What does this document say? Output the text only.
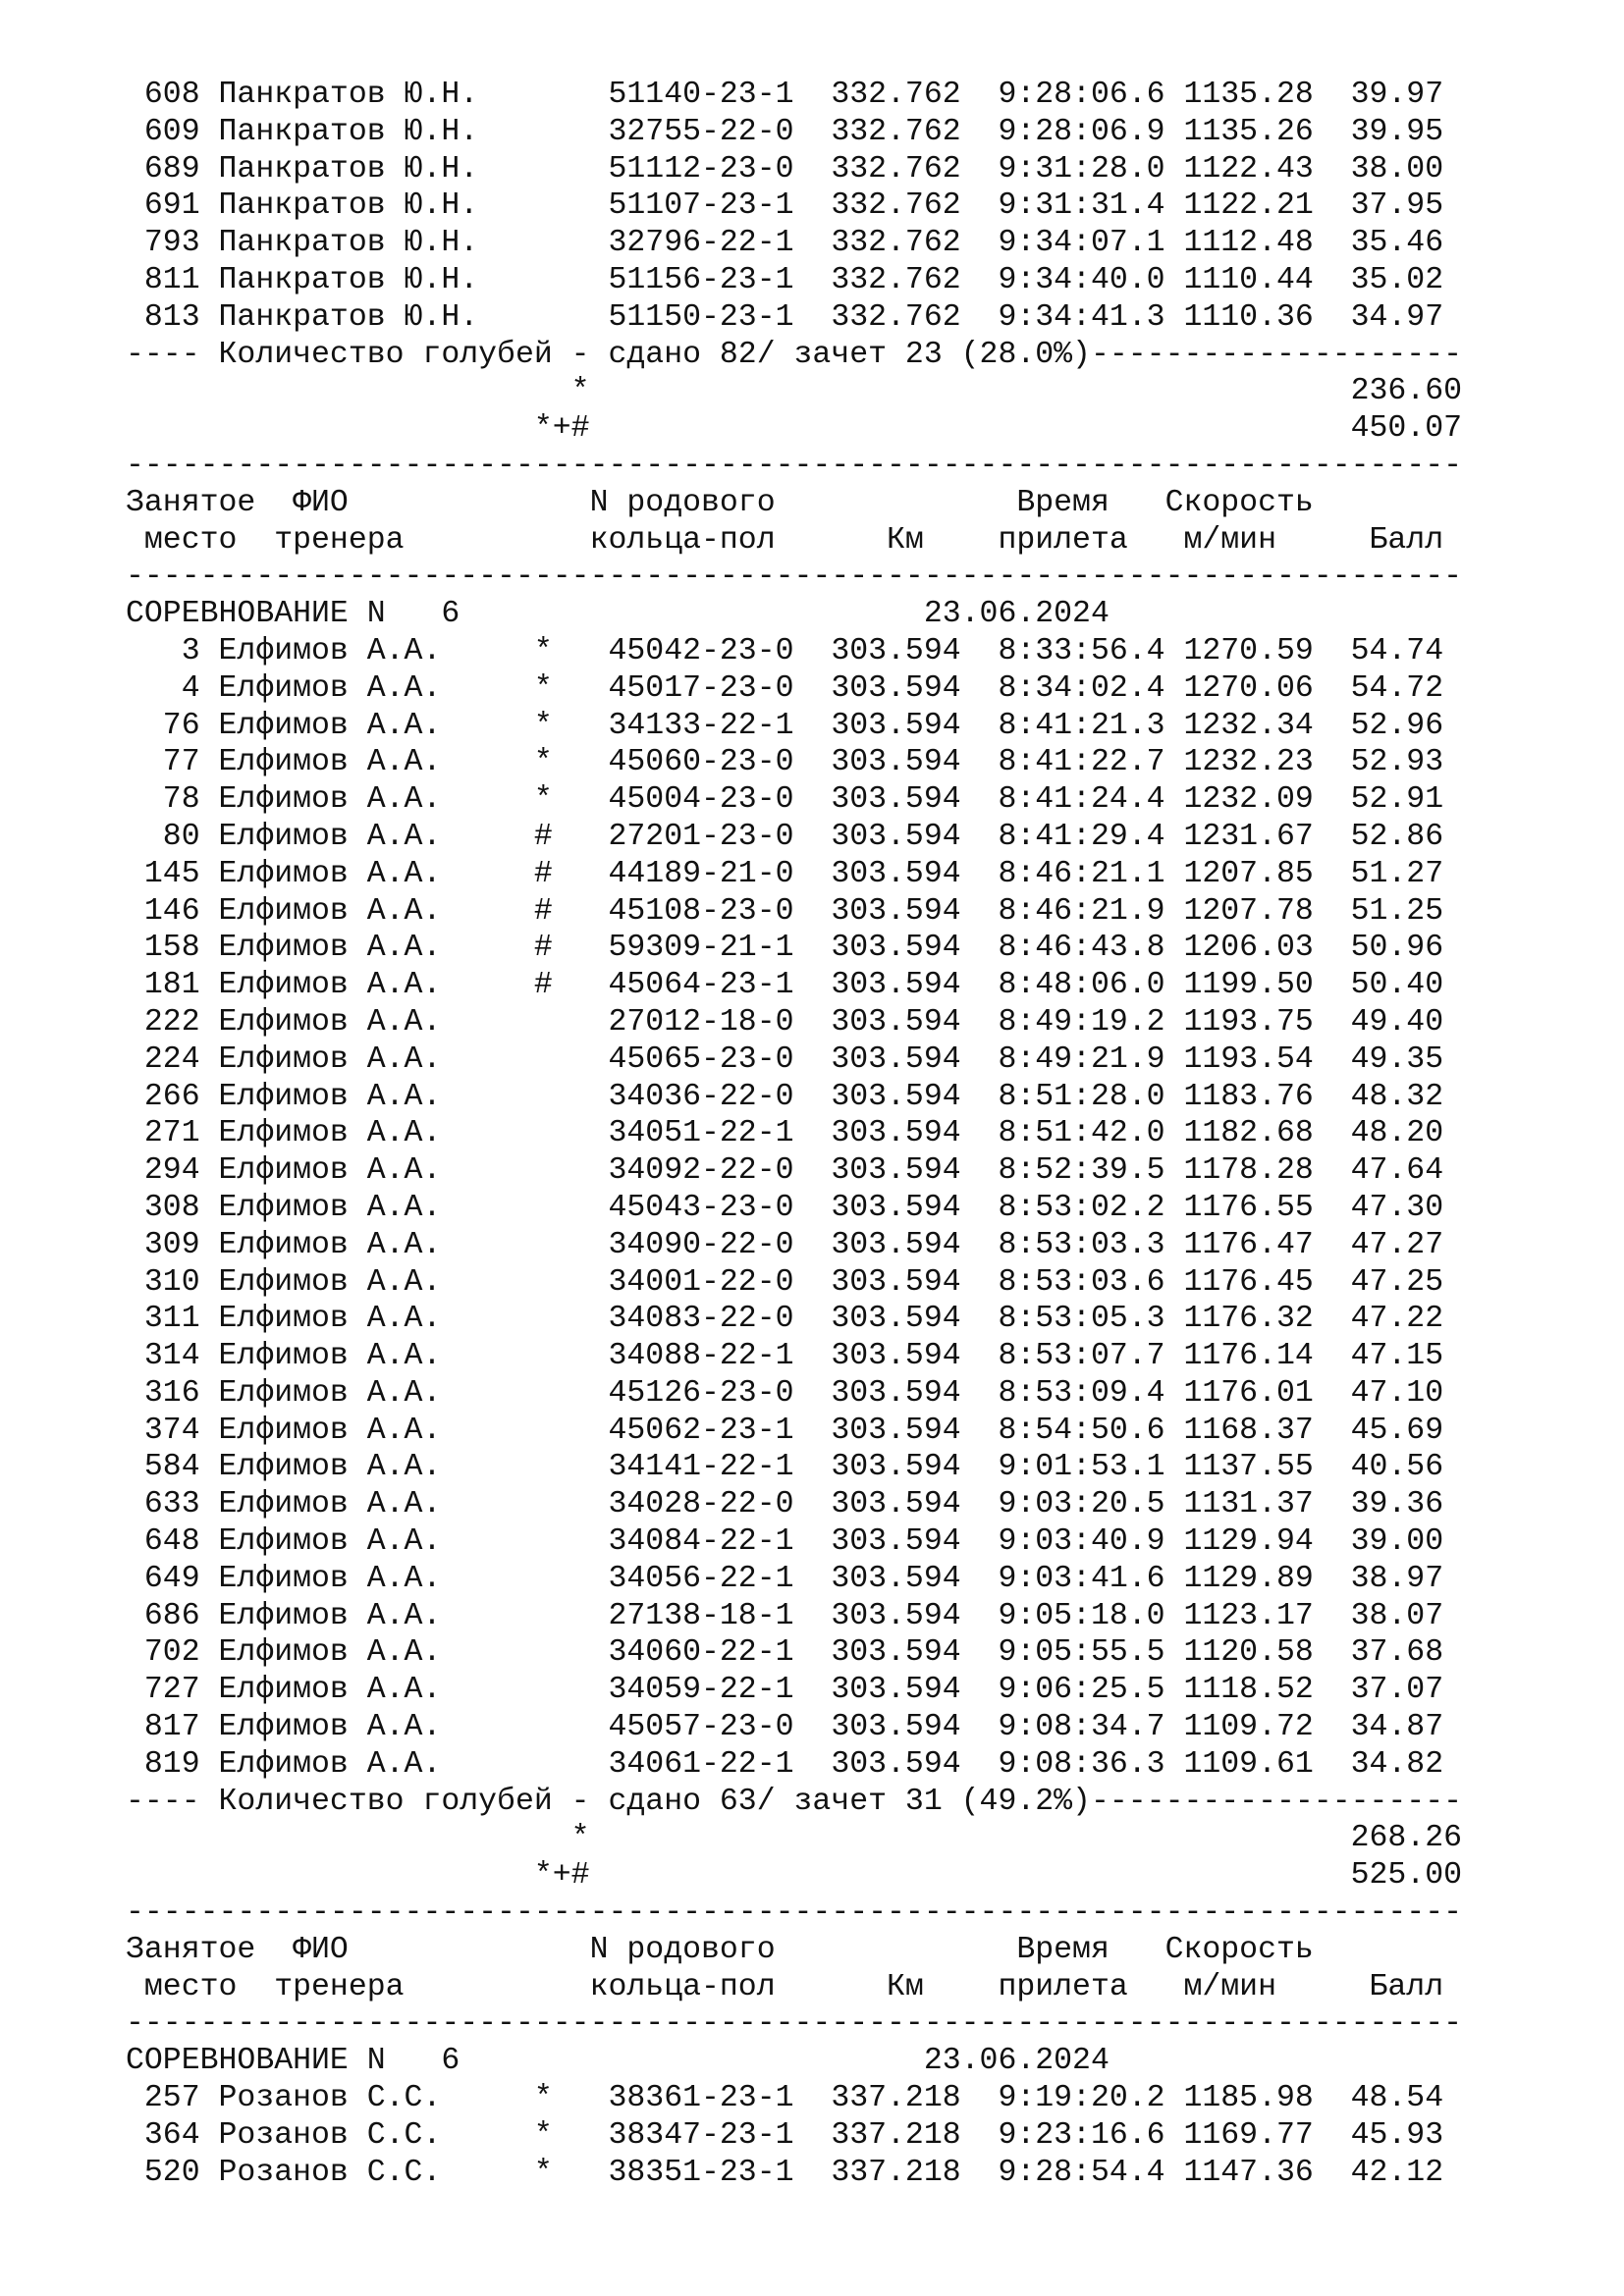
608 Панкратов Ю.Н.       51140-23-1  332.762  9:28:06.6 1135.28  39.97
609 Панкратов Ю.Н.       32755-22-0  332.762  9:28:06.9 1135.26  39.95
689 Панкратов Ю.Н.       51112-23-0  332.762  9:31:28.0 1122.43  38.00
691 Панкратов Ю.Н.       51107-23-1  332.762  9:31:31.4 1122.21  37.95
793 Панкратов Ю.Н.       32796-22-1  332.762  9:34:07.1 1112.48  35.46
811 Панкратов Ю.Н.       51156-23-1  332.762  9:34:40.0 1110.44  35.02
813 Панкратов Ю.Н.       51150-23-1  332.762  9:34:41.3 1110.36  34.97
---- Количество голубей - сдано 82/ зачет 23 (28.0%)--------------------
*                                         236.60
*+#                                         450.07
------------------------------------------------------------------------
Занятое  ФИО             N родового             Время   Скорость
место  тренера          кольца-пол      Км    прилета   м/мин     Балл
------------------------------------------------------------------------
СОРЕВНОВАНИЕ N   6                         23.06.2024
3 Елфимов А.А.     *   45042-23-0  303.594  8:33:56.4 1270.59  54.74
4 Елфимов А.А.     *   45017-23-0  303.594  8:34:02.4 1270.06  54.72
76 Елфимов А.А.     *   34133-22-1  303.594  8:41:21.3 1232.34  52.96
77 Елфимов А.А.     *   45060-23-0  303.594  8:41:22.7 1232.23  52.93
78 Елфимов А.А.     *   45004-23-0  303.594  8:41:24.4 1232.09  52.91
80 Елфимов А.А.     #   27201-23-0  303.594  8:41:29.4 1231.67  52.86
145 Елфимов А.А.     #   44189-21-0  303.594  8:46:21.1 1207.85  51.27
146 Елфимов А.А.     #   45108-23-0  303.594  8:46:21.9 1207.78  51.25
158 Елфимов А.А.     #   59309-21-1  303.594  8:46:43.8 1206.03  50.96
181 Елфимов А.А.     #   45064-23-1  303.594  8:48:06.0 1199.50  50.40
222 Елфимов А.А.         27012-18-0  303.594  8:49:19.2 1193.75  49.40
224 Елфимов А.А.         45065-23-0  303.594  8:49:21.9 1193.54  49.35
266 Елфимов А.А.         34036-22-0  303.594  8:51:28.0 1183.76  48.32
271 Елфимов А.А.         34051-22-1  303.594  8:51:42.0 1182.68  48.20
294 Елфимов А.А.         34092-22-0  303.594  8:52:39.5 1178.28  47.64
308 Елфимов А.А.         45043-23-0  303.594  8:53:02.2 1176.55  47.30
309 Елфимов А.А.         34090-22-0  303.594  8:53:03.3 1176.47  47.27
310 Елфимов А.А.         34001-22-0  303.594  8:53:03.6 1176.45  47.25
311 Елфимов А.А.         34083-22-0  303.594  8:53:05.3 1176.32  47.22
314 Елфимов А.А.         34088-22-1  303.594  8:53:07.7 1176.14  47.15
316 Елфимов А.А.         45126-23-0  303.594  8:53:09.4 1176.01  47.10
374 Елфимов А.А.         45062-23-1  303.594  8:54:50.6 1168.37  45.69
584 Елфимов А.А.         34141-22-1  303.594  9:01:53.1 1137.55  40.56
633 Елфимов А.А.         34028-22-0  303.594  9:03:20.5 1131.37  39.36
648 Елфимов А.А.         34084-22-1  303.594  9:03:40.9 1129.94  39.00
649 Елфимов А.А.         34056-22-1  303.594  9:03:41.6 1129.89  38.97
686 Елфимов А.А.         27138-18-1  303.594  9:05:18.0 1123.17  38.07
702 Елфимов А.А.         34060-22-1  303.594  9:05:55.5 1120.58  37.68
727 Елфимов А.А.         34059-22-1  303.594  9:06:25.5 1118.52  37.07
817 Елфимов А.А.         45057-23-0  303.594  9:08:34.7 1109.72  34.87
819 Елфимов А.А.         34061-22-1  303.594  9:08:36.3 1109.61  34.82
---- Количество голубей - сдано 63/ зачет 31 (49.2%)--------------------
*                                         268.26
*+#                                         525.00
------------------------------------------------------------------------
Занятое  ФИО             N родового             Время   Скорость
место  тренера          кольца-пол      Км    прилета   м/мин     Балл
------------------------------------------------------------------------
СОРЕВНОВАНИЕ N   6                         23.06.2024
257 Розанов С.С.     *   38361-23-1  337.218  9:19:20.2 1185.98  48.54
364 Розанов С.С.     *   38347-23-1  337.218  9:23:16.6 1169.77  45.93
520 Розанов С.С.     *   38351-23-1  337.218  9:28:54.4 1147.36  42.12
